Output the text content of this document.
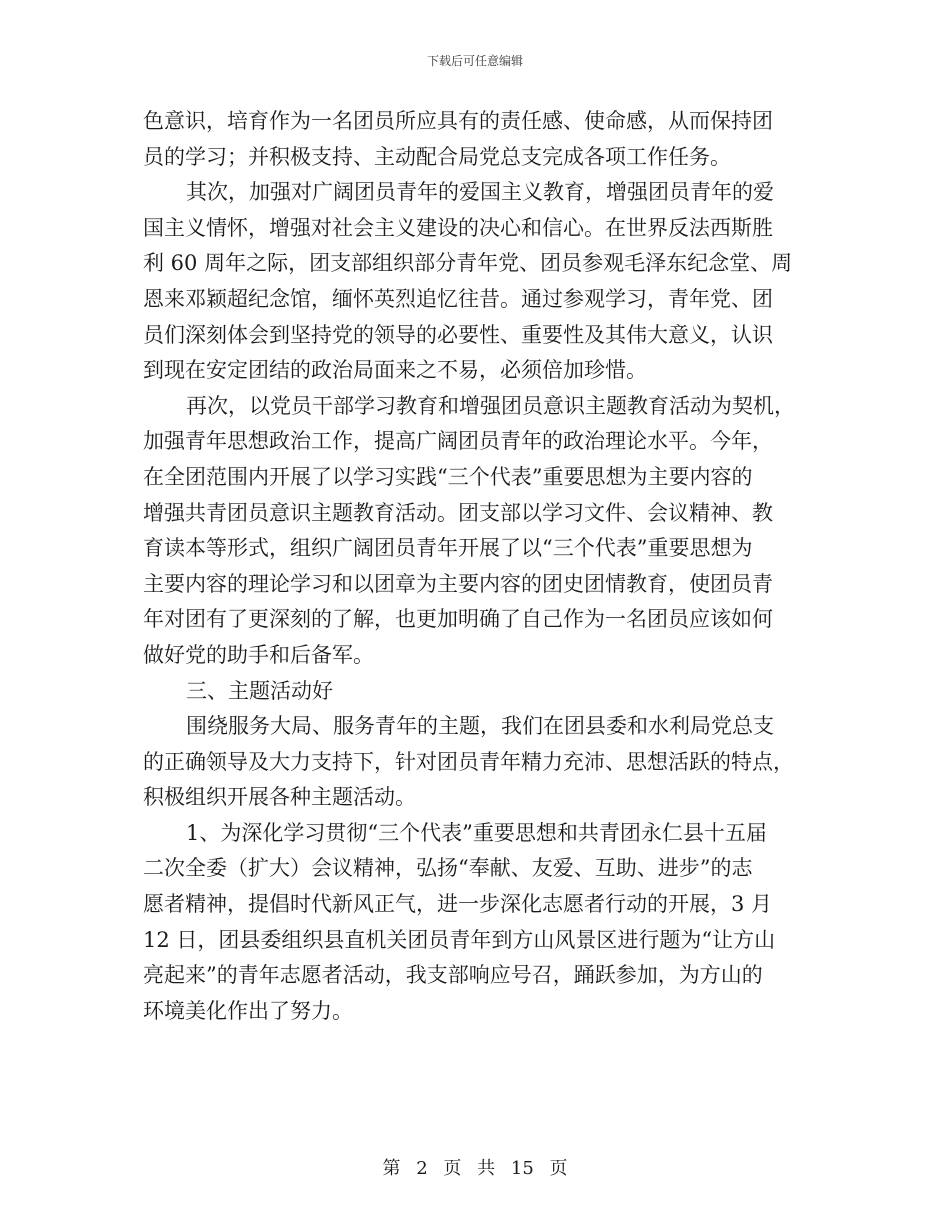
下载后可任意编辑
色意识，培育作为一名团员所应具有的责任感、使命感，从而保持团
员的学习；并积极支持、主动配合局党总支完成各项工作任务。
其次，加强对广阔团员青年的爱国主义教育，增强团员青年的爱
国主义情怀，增强对社会主义建设的决心和信心。在世界反法西斯胜
利 60 周年之际，团支部组织部分青年党、团员参观毛泽东纪念堂、周
恩来邓颖超纪念馆，缅怀英烈追忆往昔。通过参观学习，青年党、团
员们深刻体会到坚持党的领导的必要性、重要性及其伟大意义，认识
到现在安定团结的政治局面来之不易，必须倍加珍惜。
再次，以党员干部学习教育和增强团员意识主题教育活动为契机，
加强青年思想政治工作，提高广阔团员青年的政治理论水平。今年，
在全团范围内开展了以学习实践“三个代表”重要思想为主要内容的
增强共青团员意识主题教育活动。团支部以学习文件、会议精神、教
育读本等形式，组织广阔团员青年开展了以“三个代表”重要思想为
主要内容的理论学习和以团章为主要内容的团史团情教育，使团员青
年对团有了更深刻的了解，也更加明确了自己作为一名团员应该如何
做好党的助手和后备军。
三、主题活动好
围绕服务大局、服务青年的主题，我们在团县委和水利局党总支
的正确领导及大力支持下，针对团员青年精力充沛、思想活跃的特点，
积极组织开展各种主题活动。
1、为深化学习贯彻“三个代表”重要思想和共青团永仁县十五届
二次全委（扩大）会议精神，弘扬“奉献、友爱、互助、进步”的志
愿者精神，提倡时代新风正气，进一步深化志愿者行动的开展，3 月
12 日，团县委组织县直机关团员青年到方山风景区进行题为“让方山
亮起来”的青年志愿者活动，我支部响应号召，踊跃参加，为方山的
环境美化作出了努力。
第 2 页 共 15 页
